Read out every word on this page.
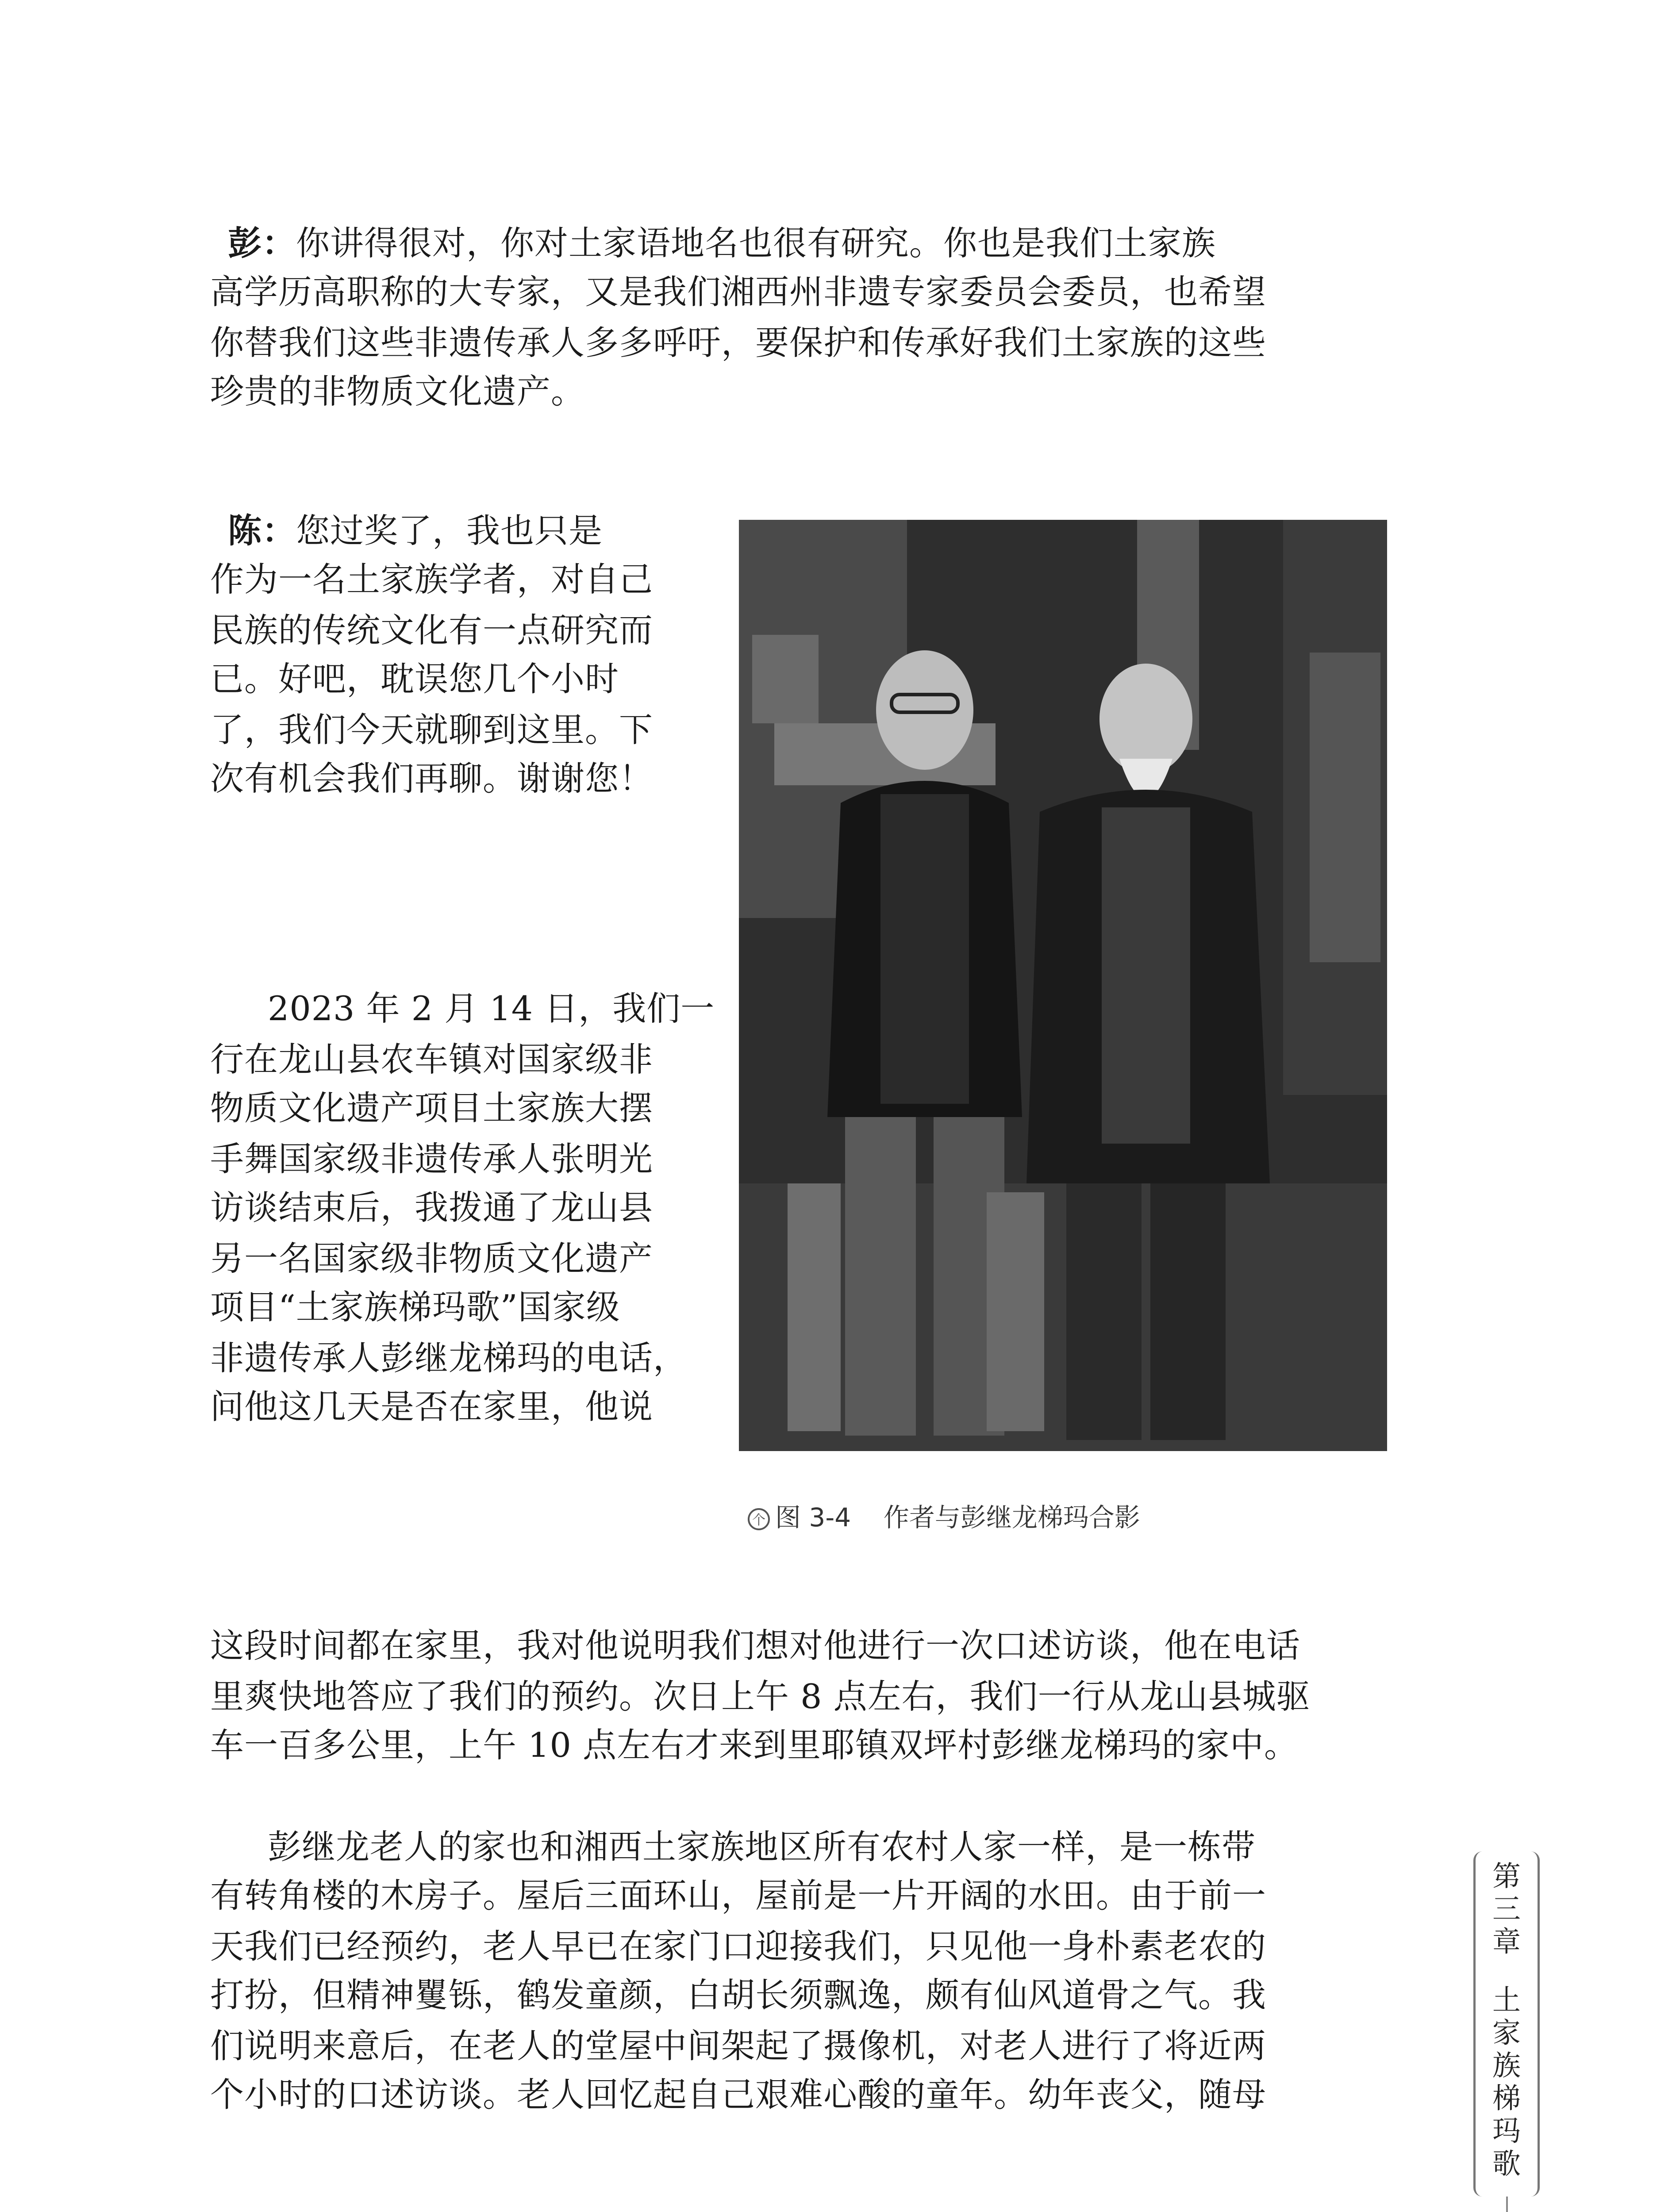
彭：你讲得很对，你对土家语地名也很有研究。你也是我们土家族
高学历高职称的大专家，又是我们湘西州非遗专家委员会委员，也希望
你替我们这些非遗传承人多多呼吁，要保护和传承好我们土家族的这些
珍贵的非物质文化遗产。
陈：您过奖了，我也只是
作为一名土家族学者，对自己
民族的传统文化有一点研究而
已。好吧，耽误您几个小时
了，我们今天就聊到这里。下
次有机会我们再聊。谢谢您！
2023 年 2 月 14 日，我们一
行在龙山县农车镇对国家级非
物质文化遗产项目土家族大摆
手舞国家级非遗传承人张明光
访谈结束后，我拨通了龙山县
另一名国家级非物质文化遗产
项目“土家族梯玛歌”国家级
非遗传承人彭继龙梯玛的电话，
问他这几天是否在家里，他说
这段时间都在家里，我对他说明我们想对他进行一次口述访谈，他在电话
里爽快地答应了我们的预约。次日上午 8 点左右，我们一行从龙山县城驱
车一百多公里，上午 10 点左右才来到里耶镇双坪村彭继龙梯玛的家中。
彭继龙老人的家也和湘西土家族地区所有农村人家一样，是一栋带
有转角楼的木房子。屋后三面环山，屋前是一片开阔的水田。由于前一
天我们已经预约，老人早已在家门口迎接我们，只见他一身朴素老农的
打扮，但精神矍铄，鹤发童颜，白胡长须飘逸，颇有仙风道骨之气。我
们说明来意后，在老人的堂屋中间架起了摄像机，对老人进行了将近两
个小时的口述访谈。老人回忆起自己艰难心酸的童年。幼年丧父，随母
个 图 3-4 作者与彭继龙梯玛合影
第
三
章
土
家
族
梯
玛
歌
